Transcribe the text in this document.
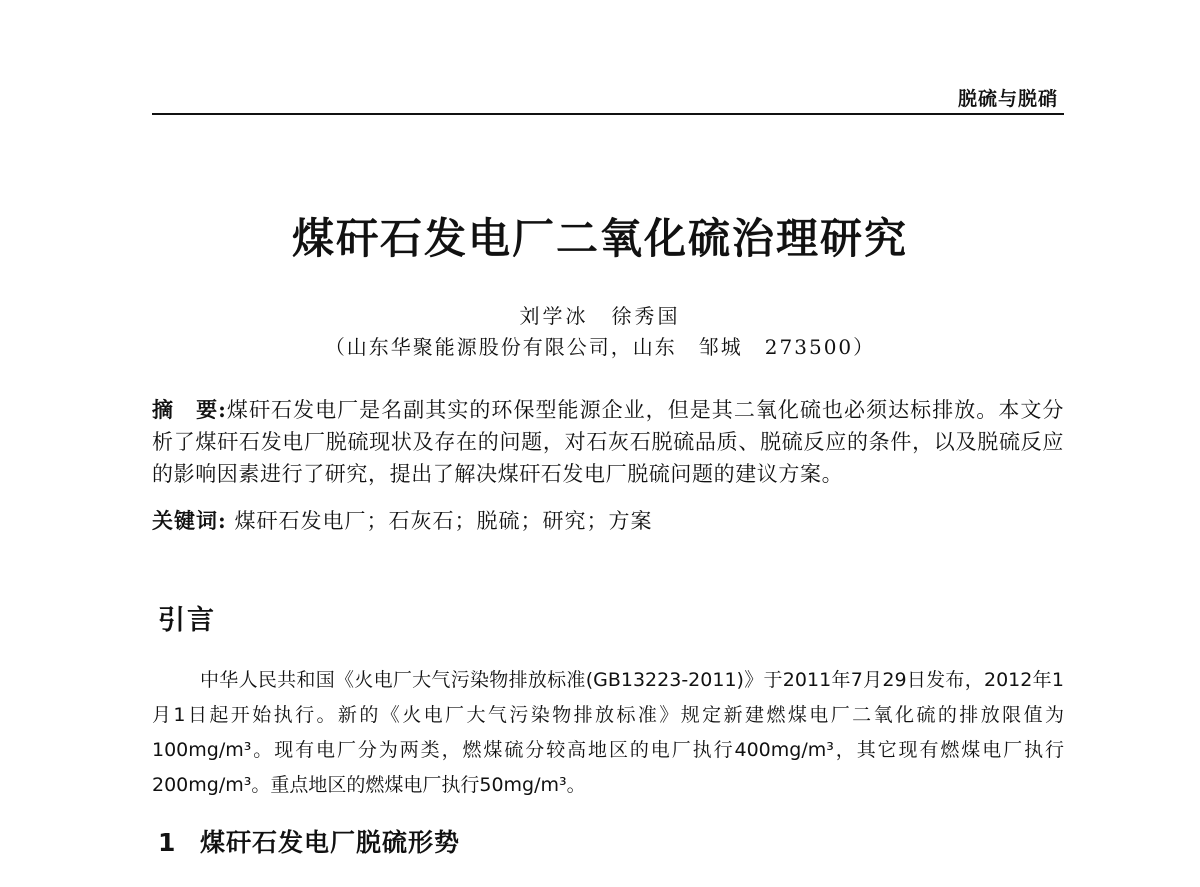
脱硫与脱硝
煤矸石发电厂二氧化硫治理研究
刘学冰　徐秀国
（山东华聚能源股份有限公司，山东　邹城　273500）
摘　要:煤矸石发电厂是名副其实的环保型能源企业，但是其二氧化硫也必须达标排放。本文分析了煤矸石发电厂脱硫现状及存在的问题，对石灰石脱硫品质、脱硫反应的条件，以及脱硫反应的影响因素进行了研究，提出了解决煤矸石发电厂脱硫问题的建议方案。
关键词: 煤矸石发电厂；石灰石；脱硫；研究；方案
引言
中华人民共和国《火电厂大气污染物排放标准(GB13223-2011)》于2011年7月29日发布，2012年1月1日起开始执行。新的《火电厂大气污染物排放标准》规定新建燃煤电厂二氧化硫的排放限值为100mg/m³。现有电厂分为两类，燃煤硫分较高地区的电厂执行400mg/m³，其它现有燃煤电厂执行200mg/m³。重点地区的燃煤电厂执行50mg/m³。
1 煤矸石发电厂脱硫形势
